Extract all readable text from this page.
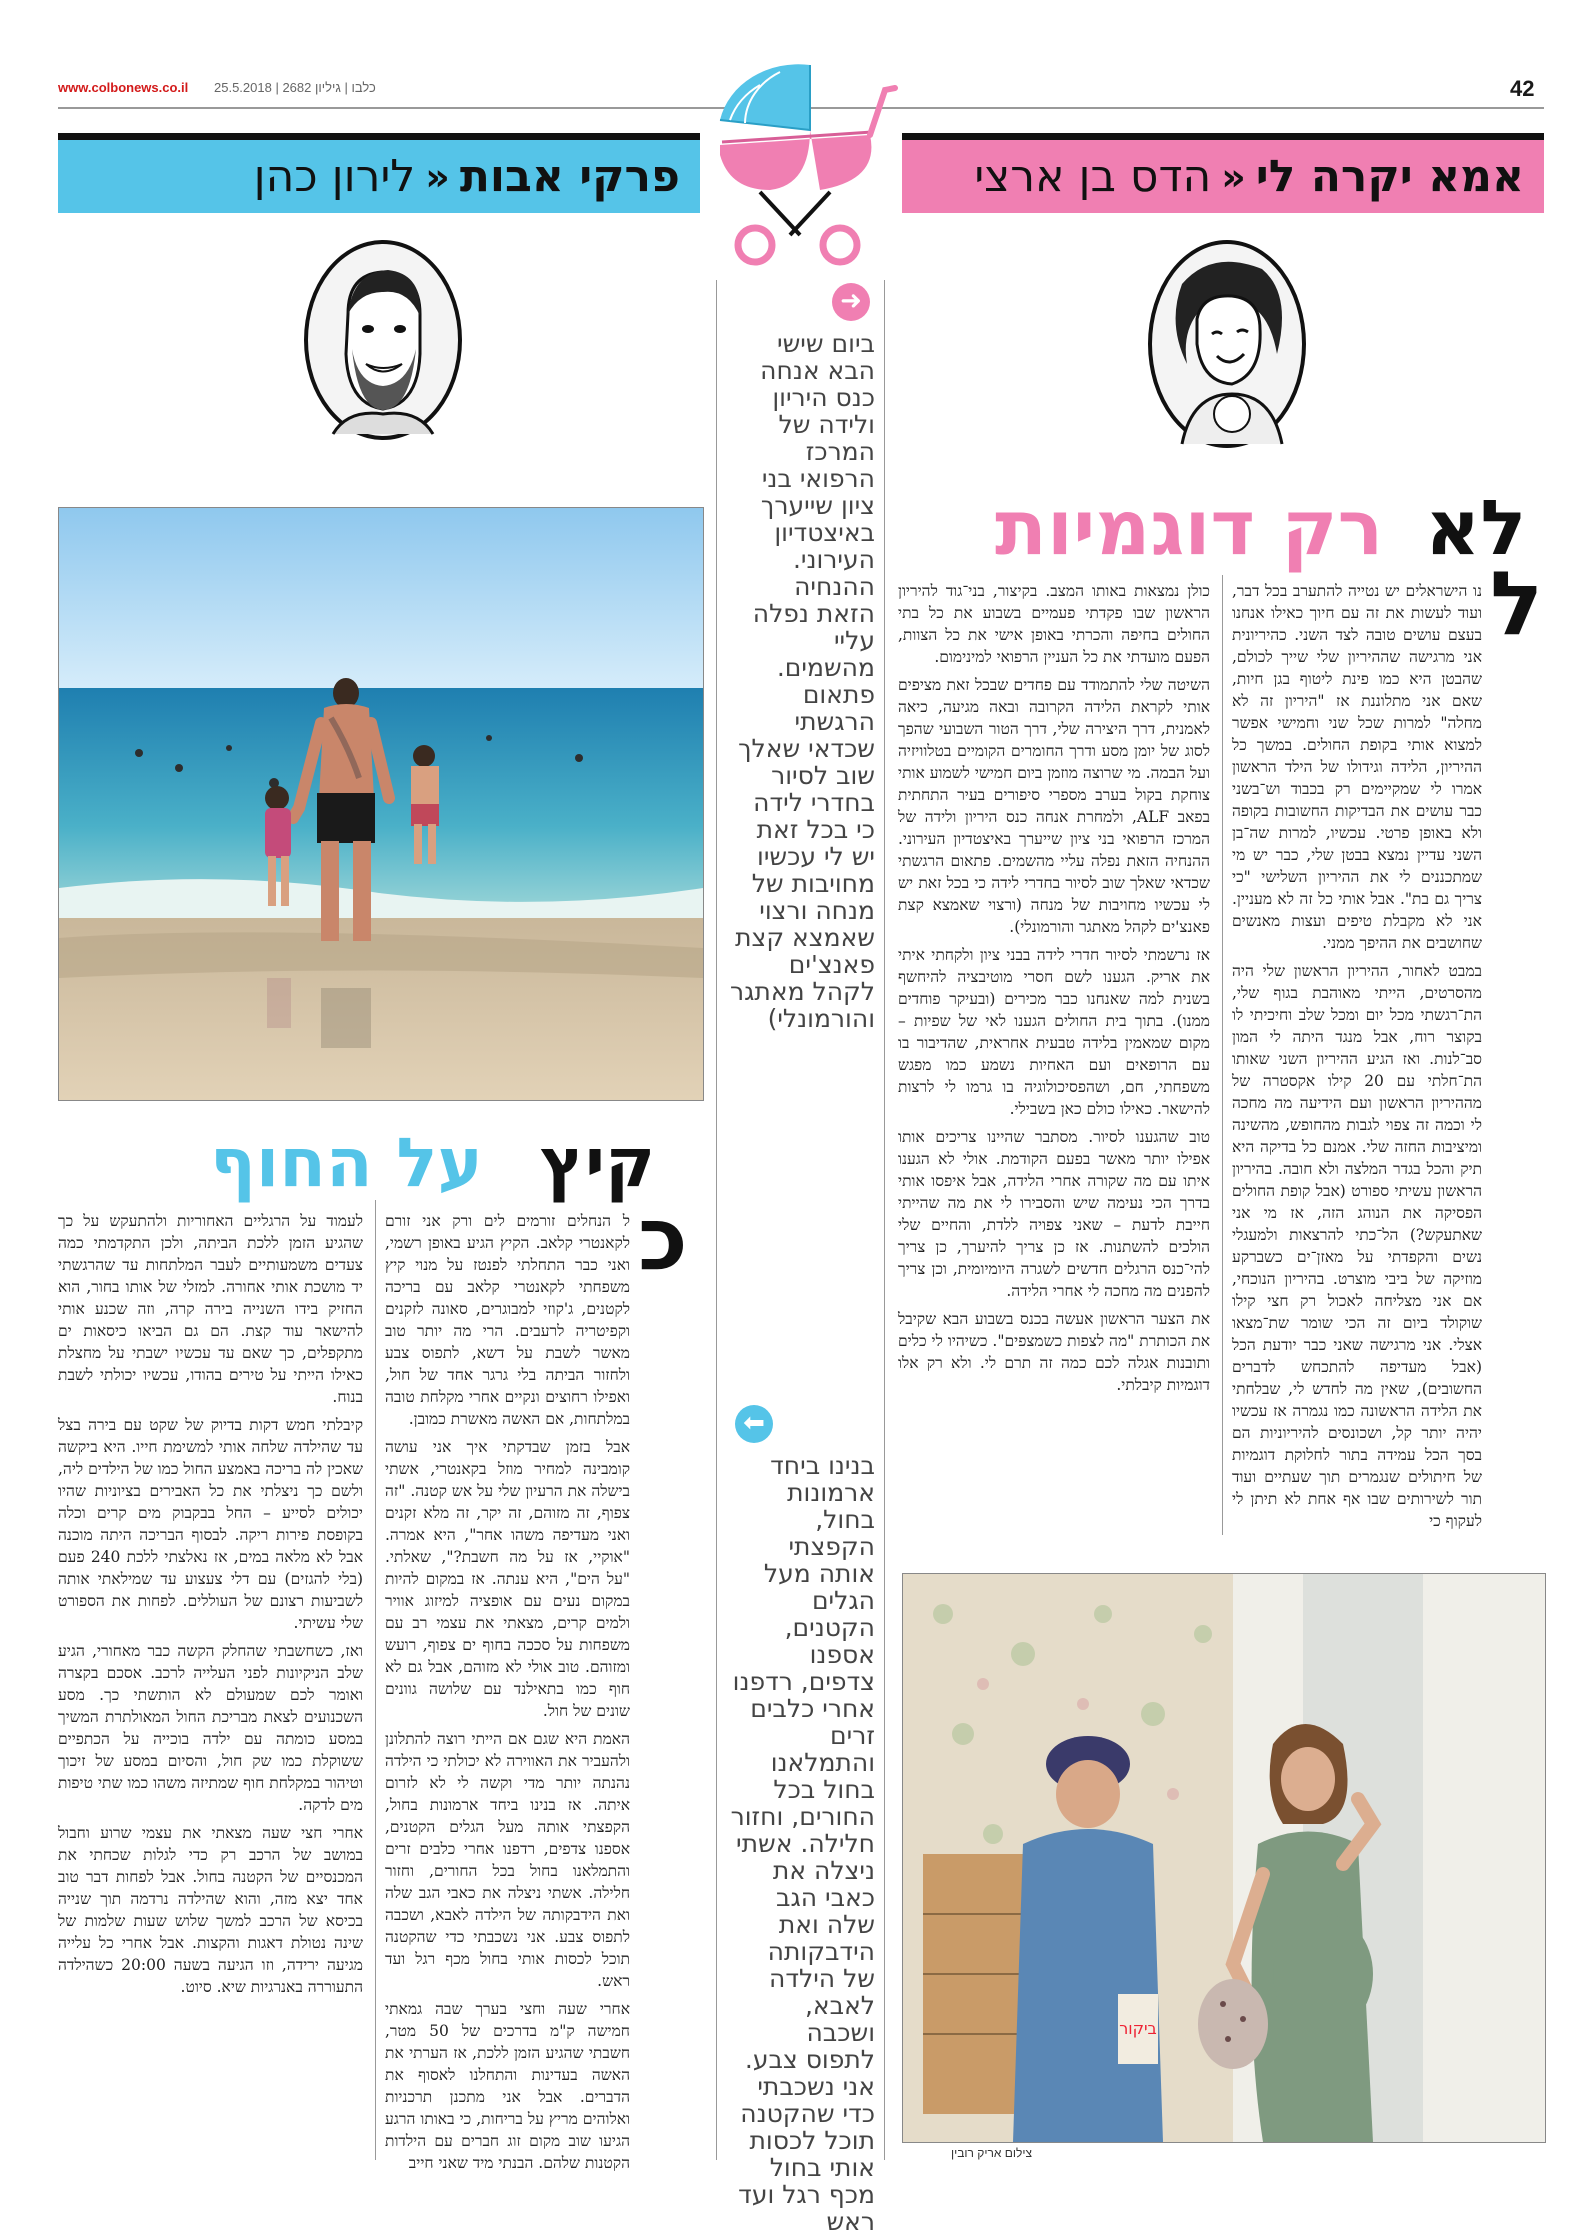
www.colbonews.co.il כלבו | גיליון 2682 | 25.5.2018	42
פרקי אבות
«
לירון כהן	אמא יקרה לי
«
הדס בן ארצי
על החוף קיץ
כ

ל הנחלים זורמים לים ורק אני זורם לקאנטרי קלאב. הקיץ הגיע באופן רשמי, ואני כבר התחלתי לפנטז על מנוי קיץ משפחתי לקאנטרי קלאב עם בריכה לקטנים, ג'קוזי למבוגרים, סאונה לזקנים וקפיטריה לרעבים. הרי מה יותר טוב מאשר לשבת על דשא, לתפוס צבע ולחזור הביתה בלי גרגר אחד של חול, ואפילו רחוצים ונקיים אחרי מקלחת טובה במלתחות, אם האשה מאשרת כמובן.

אבל בזמן שבדקתי איך אני עושה קומבינה למחיר מוזל בקאנטרי, אשתי בישלה את הרעיון שלי על אש קטנה. "זה צפוף, זה מזוהם, זה יקר, זה מלא זקנים ואני מעדיפה משהו אחר", היא אמרה. "אוקיי, אז על מה חשבת?", שאלתי. "על הים", היא ענתה. אז במקום להיות במקום נעים עם אופציה למיזוג אוויר ולמים קרים, מצאתי את עצמי רב עם משפחות על סככה בחוף ים צפוף, רועש ומזוהם. טוב אולי לא מזוהם, אבל גם לא חוף כמו בתאילנד עם שלושה גוונים שונים של חול.

האמת היא שגם אם הייתי רוצה להתלונן ולהעביר את האווירה לא יכולתי כי הילדה נהנתה יותר מדי וקשה לי לא לזרום איתה. אז בנינו ביחד ארמונות בחול, הקפצתי אותה מעל הגלים הקטנים, אספנו צדפים, רדפנו אחרי כלבים זרים והתמלאנו בחול בכל החורים, וחזור חלילה. אשתי ניצלה את כאבי הגב שלה ואת הידבקותה של הילדה לאבא, ושכבה לתפוס צבע. אני נשכבתי כדי שהקטנה תוכל לכסות אותי בחול מכף רגל ועד ראש.

אחרי שעה וחצי בערך שבה גמאתי חמישה ק"מ בדרכים של 50 מטר, חשבתי שהגיע הזמן ללכת, אז הערתי את האשה בעדינות והתחלנו לאסוף את הדברים. אבל אני מתכנן תרכניות ואלוהים מריץ על בריחות, כי באותו הרגע הגיעו שוב מקום זוג חברים עם הילדות הקטנות שלהם. הבנתי מיד שאני חייב

לעמוד על הרגליים האחוריות ולהתעקש על כך שהגיע הזמן ללכת הביתה, ולכן התקדמתי כמה צעדים משמעותיים לעבר המלתחות עד שהרגשתי יד מושכת אותי אחורה. למזלי של אותו בחור, הוא החזיק בידו השנייה בירה קרה, וזה שכנע אותי להישאר עוד קצת. הם גם הביאו כיסאות ים מתקפלים, כך שאם עד עכשיו ישבתי על מחצלת כאילו הייתי על טירים בהודו, עכשיו יכולתי לשבת בנוח.

קיבלתי חמש דקות בדיוק של שקט עם בירה בצל עד שהילדה שלחה אותי למשימת חייו. היא ביקשה שאכין לה בריכה באמצע החול כמו של הילדים ליה, ולשם כך ניצלתי את כל האבירים בציוניות שהיו יכולים לסייע – החל בבקבוק מים קרים וכלה בקופסת פירות ריקה. לבסוף הבריכה היתה מוכנה אבל לא מלאה במים, אז נאלצתי ללכת 240 פעם (בלי להגזים) עם דלי צעצוע עד שמילאתי אותה לשביעות רצונם של העוללים. לפחות את הספורט שלי עשיתי.

ואז, כשחשבתי שהחלק הקשה כבר מאחורי, הגיע שלב הניקיונות לפני העלייה לרכב. אסכם בקצרה ואומר לכם שמעולם לא הותשתי כך. מסע השכנועים לצאת מבריכת החול המאולתרת המשיך במסע כומתה עם ילדה בוכייה על הכתפיים ששוקלת כמו שק חול, והסיום במסע של זיכוך וטיהור במקלחת חוף שמתיזה משהו כמו שתי טיפות מים לדקה.

אחרי חצי שעה מצאתי את עצמי שרוע וחבול במושב של הרכב רק כדי לגלות שכחתי את המכנסיים של הקטנה בחול. אבל לפחות דבר טוב אחד יצא מזה, והוא שהילדה נרדמה תוך שנייה בכיסא של הרכב למשך שלוש שעות שלמות של שינה נטולת דאגות והקצות. אבל אחרי כל עלייה מגיעה ירידה, וזו הגיעה בשעה 20:00 כשהילדה התעוררה באנרגיות שיא. סיוט.

➜
ביום שישי הבא אנחה כנס היריון ולידה של המרכז הרפואי בני ציון שייערך באיצטדיון העירוני. ההנחיה הזאת נפלה עליי מהשמים. פתאום הרגשתי שכדאי שאלך שוב לסיור בחדרי לידה כי בכל זאת יש לי עכשיו מחויבות של מנחה ורצוי שאמצא קצת פאנצ'ים לקהל מאתגר והורמונלי)
⬅
בנינו ביחד ארמונות בחול, הקפצתי אותה מעל הגלים הקטנים, אספנו צדפים, רדפנו אחרי כלבים זרים והתמלאנו בחול בכל החורים, וחזור חלילה. אשתי ניצלה את כאבי הגב שלה ואת הידבקותה של הילדה לאבא, ושכבה לתפוס צבע. אני נשכבתי כדי שהקטנה תוכל לכסות אותי בחול מכף רגל ועד ראש
רק דוגמיות לא
ל

נו הישראלים יש נטייה להתערב בכל דבר, ועוד לעשות את זה עם חיוך כאילו אנחנו בעצם עושים טובה לצד השני. כהיריונית אני מרגישה שההיריון שלי שייך לכולם, שהבטן היא כמו פינת ליטוף בגן חיות, שאם אני מתלוננת אז "היריון זה לא מחלה" למרות שכל שני וחמישי אפשר למצוא אותי בקופת החולים. במשך כל ההיריון, הלידה וגידולו של הילד הראשון אמרו לי שמקיימים רק בכבוד וש־בשני כבר עושים את הבדיקות החשובות בקופה ולא באופן פרטי. עכשיו, למרות שה־בן השני עדיין נמצא בבטן שלי, כבר יש מי שמתכננים לי את ההיריון השלישי "כי צריך גם בת". אבל אותי כל זה לא מעניין. אני לא מקבלת טיפים ועצות מאנשים שחושבים את ההיפך ממני.

במבט לאחור, ההיריון הראשון שלי היה מהסרטים, הייתי מאוהבת בגוף שלי, הת־רגשתי מכל יום ומכל שלב וחיכיתי לו בקוצר רוח, אבל מנגד היתה לי המון סב־לנות. ואז הגיע ההיריון השני שאותו הת־חלתי עם 20 קילו אקסטרה של מההיריון הראשון ועם הידיעה מה מחכה לי וכמה זה צפוי לגבות מהחופש, מהשינה ומיציבות החזה שלי. אמנם כל בדיקה היא תיק והכל בגדר המלצה ולא חובה. בהיריון הראשון עשיתי ספורט (אבל קופת החולים הפסיקה את הנוהג הזה, אז מי אני שאתעקש?) הל־כתי להרצאות ולמעגלי נשים והקפדתי על מאזן־ים כשברקע מוזיקה של ביבי מוצרט. בהיריון הנוכחי, אם אני מצליחה לאכול רק חצי קילו שוקולד ביום זה הכי שומר שת־מצאו אצלי. אני מרגישה שאני כבר יודעת הכל (אבל מעדיפה להתכחש לדברים החשובים), שאין מה לחדש לי, שבלחתי את הלידה הראשונה כמו נגמרה אז עכשיו יהיה יותר קל, ושכונסים להיריוניות הם בסך הכל עמידה בתור לחלוקת דוגמיות של חיתולים שנגמרים תוך שעתיים ועוד תור לשירותים שבו אף אחת לא תיתן לי לעקוף כי

כולן נמצאות באותו המצב. בקיצור, בני־גוד להיריון הראשון שבו פקדתי פעמיים בשבוע את כל בתי החולים בחיפה והכרתי באופן אישי את כל הצוות, הפעם מועדתי את כל העניין הרפואי למינימום.

השיטה שלי להתמודד עם פחדים שבכל זאת מציפים אותי לקראת הלידה הקרובה ובאה מגיעה, כיאה לאמנית, דרך היצירה שלי, דרך הטור השבועי שהפך לסוג של יומן מסע ודרך החומרים הקומיים בטלוויזיה ועל הבמה. מי שרוצה מוזמן ביום חמישי לשמוע אותי צוחקת בקול בערב מספרי סיפורים בעיר התחתית בפאב ALF, ולמחרת אנחה כנס היריון ולידה של המרכז הרפואי בני ציון שייערך באיצטדיון העירוני. ההנחיה הזאת נפלה עליי מהשמים. פתאום הרגשתי שכדאי שאלך שוב לסיור בחדרי לידה כי בכל זאת יש לי עכשיו מחויבות של מנחה (ורצוי שאמצא קצת פאנצ'ים לקהל מאתגר והורמונלי).

אז נרשמתי לסיור חדרי לידה בבני ציון ולקחתי איתי את אריק. הגענו לשם חסרי מוטיבציה להיחשף בשנית למה שאנחנו כבר מכירים (ובעיקר פוחדים ממנו). בתוך בית החולים הגענו לאי של שפיות – מקום שמאמין בלידה טבעית אחראית, שהדיבור בו עם הרופאים ועם האחיות נשמע כמו מפגש משפחתי, חם, ושהפסיכולוגיה בו גרמו לי לרצות להישאר. כאילו כולם כאן בשבילי.

טוב שהגענו לסיור. מסתבר שהיינו צריכים אותו אפילו יותר מאשר בפעם הקודמת. אולי לא הגענו איתו עם מה שקורה אחרי הלידה, אבל איפסו אותי בדרך הכי נעימה שיש והסבירו לי את מה שהייתי חייבת לדעת – שאני צפויה ללדת, והחיים שלי הולכים להשתנות. אז כן צריך להיערך, כן צריך להי־כנס הרגלים חדשים לשגרה היומיומית, וכן צריך להפנים מה מחכה לי אחרי הלידה.

את הצער הראשון אעשה בכנס בשבוע הבא שקיבל את הכותרת "מה לצפות כשמצפים". כשיהיו לי כלים ותובנות אגלה לכם כמה זה תרם לי. ולא רק אלו דוגמיות קיבלתי.

ביקור
צילום אריק רובין
